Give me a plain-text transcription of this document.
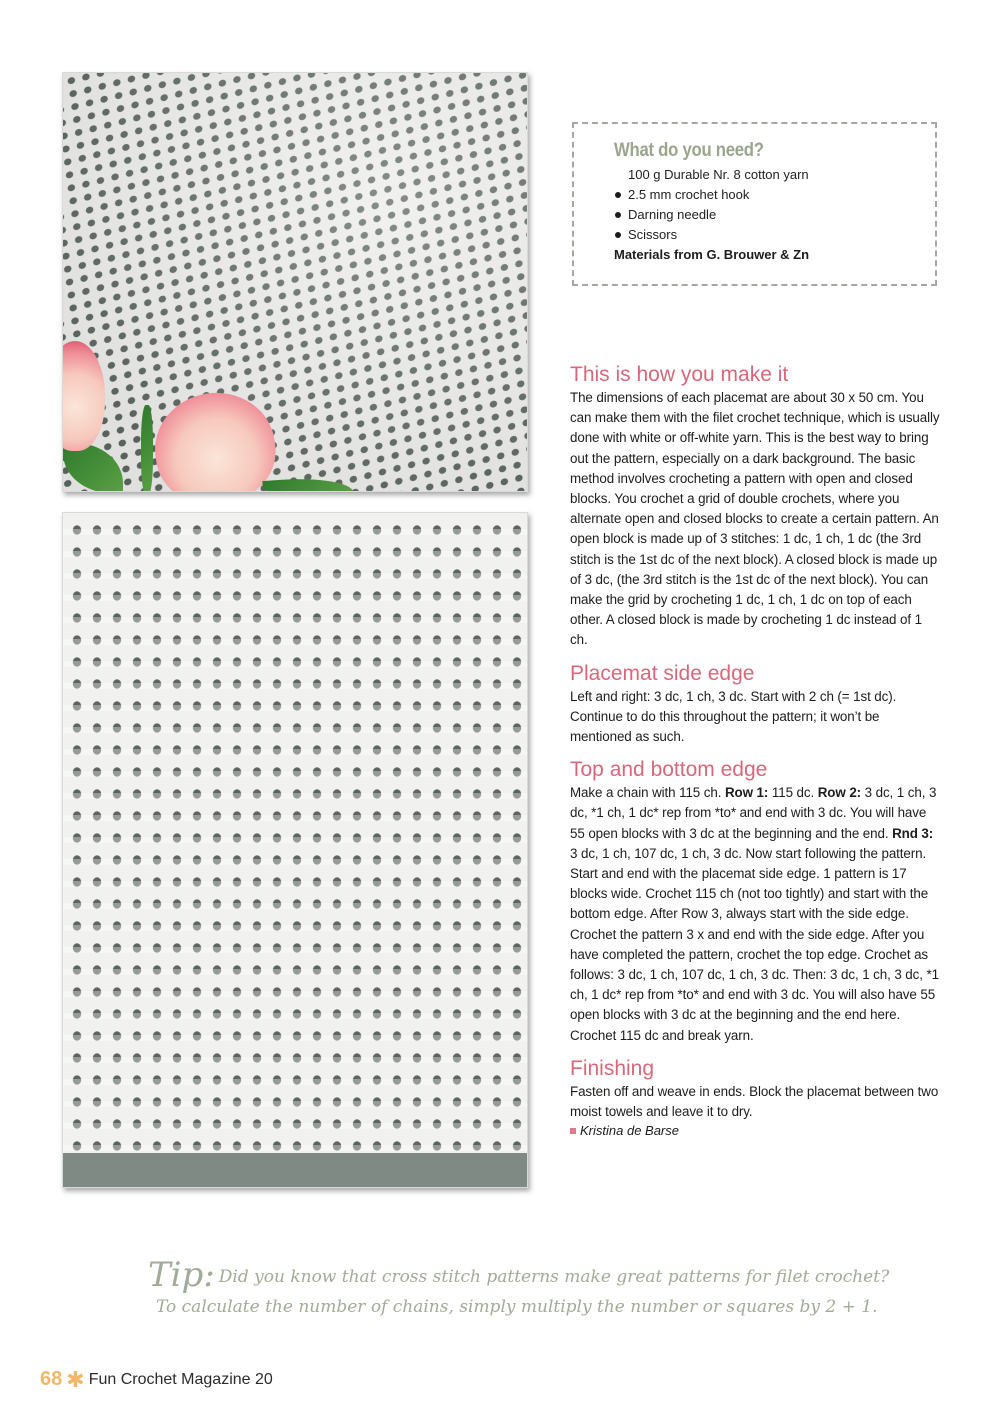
What do you need?
100 g Durable Nr. 8 cotton yarn
2.5 mm crochet hook
Darning needle
Scissors
Materials from G. Brouwer & Zn
This is how you make it

The dimensions of each placemat are about 30 x 50 cm. You can make them with the filet crochet technique, which is usually done with white or off-white yarn. This is the best way to bring out the pattern, especially on a dark background. The basic method involves crocheting a pattern with open and closed blocks. You crochet a grid of double crochets, where you alternate open and closed blocks to create a certain pattern. An open block is made up of 3 stitches: 1 dc, 1 ch, 1 dc (the 3rd stitch is the 1st dc of the next block). A closed block is made up of 3 dc, (the 3rd stitch is the 1st dc of the next block). You can make the grid by crocheting 1 dc, 1 ch, 1 dc on top of each other. A closed block is made by crocheting 1 dc instead of 1 ch.

Placemat side edge

Left and right: 3 dc, 1 ch, 3 dc. Start with 2 ch (= 1st dc). Continue to do this throughout the pattern; it won’t be mentioned as such.

Top and bottom edge

Make a chain with 115 ch. Row 1: 115 dc. Row 2: 3 dc, 1 ch, 3 dc, *1 ch, 1 dc* rep from *to* and end with 3 dc. You will have 55 open blocks with 3 dc at the beginning and the end. Rnd 3: 3 dc, 1 ch, 107 dc, 1 ch, 3 dc. Now start following the pattern. Start and end with the placemat side edge. 1 pattern is 17 blocks wide. Crochet 115 ch (not too tightly) and start with the bottom edge. After Row 3, always start with the side edge. Crochet the pattern 3 x and end with the side edge. After you have completed the pattern, crochet the top edge. Crochet as follows: 3 dc, 1 ch, 107 dc, 1 ch, 3 dc. Then: 3 dc, 1 ch, 3 dc, *1 ch, 1 dc* rep from *to* and end with 3 dc. You will also have 55 open blocks with 3 dc at the beginning and the end here. Crochet 115 dc and break yarn.

Finishing

Fasten off and weave in ends. Block the placemat between two moist towels and leave it to dry.

Kristina de Barse
Tip: Did you know that cross stitch patterns make great patterns for filet crochet?
To calculate the number of chains, simply multiply the number or squares by 2 + 1.
68 ✱ Fun Crochet Magazine 20
